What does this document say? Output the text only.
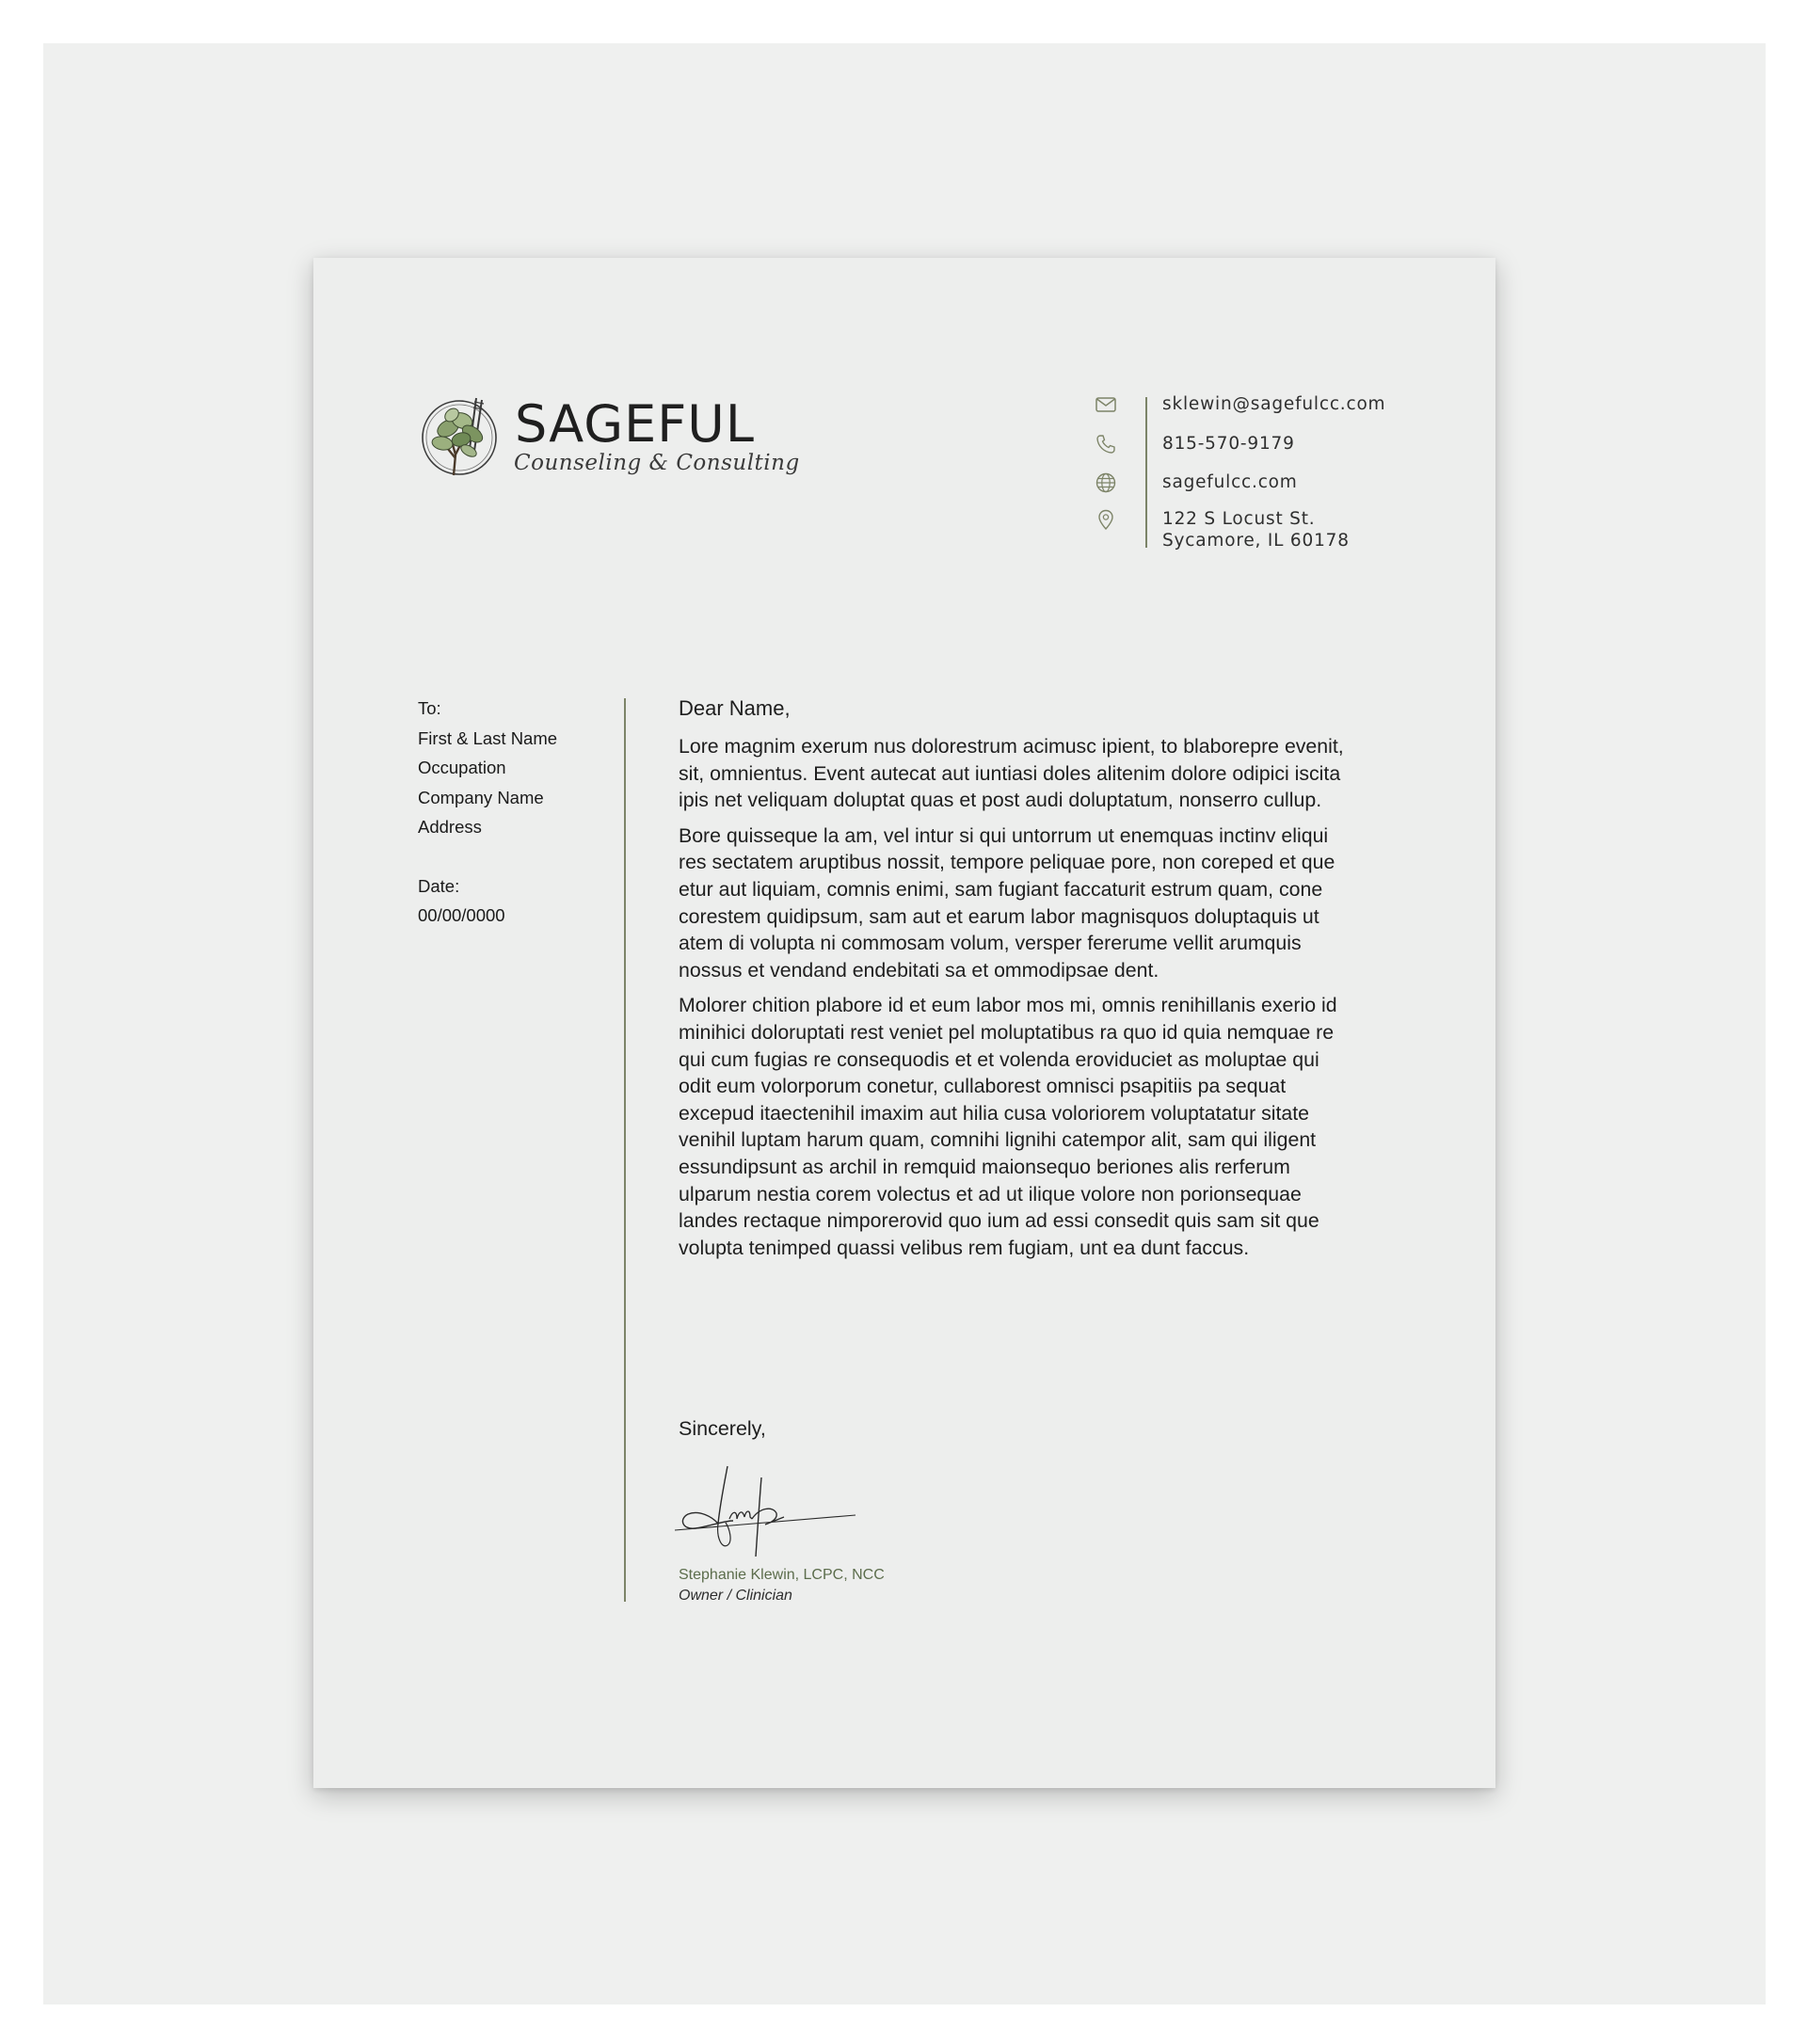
SAGEFUL
Counseling & Consulting
sklewin@sagefulcc.com
815-570-9179
sagefulcc.com
122 S Locust St.
Sycamore, IL 60178
To:
First & Last Name
Occupation
Company Name
Address
Date:
00/00/0000

Dear Name,

Lore magnim exerum nus dolorestrum acimusc ipient, to blaborepre evenit, sit, omnientus. Event autecat aut iuntiasi doles alitenim dolore odipici iscita ipis net veliquam doluptat quas et post audi doluptatum, nonserro cullup.

Bore quisseque la am, vel intur si qui untorrum ut enemquas inctinv eliqui res sectatem aruptibus nossit, tempore peliquae pore, non coreped et que etur aut liquiam, comnis enimi, sam fugiant faccaturit estrum quam, cone corestem quidipsum, sam aut et earum labor magnisquos doluptaquis ut atem di volupta ni commosam volum, versper fererume vellit arumquis nossus et vendand endebitati sa et ommodipsae dent.

Molorer chition plabore id et eum labor mos mi, omnis renihillanis exerio id minihici doloruptati rest veniet pel moluptatibus ra quo id quia nemquae re qui cum fugias re consequodis et et volenda eroviduciet as moluptae qui odit eum volorporum conetur, cullaborest omnisci psapitiis pa sequat excepud itaectenihil imaxim aut hilia cusa voloriorem voluptatatur sitate venihil luptam harum quam, comnihi lignihi catempor alit, sam qui iligent essundipsunt as archil in remquid maionsequo beriones alis rerferum ulparum nestia corem volectus et ad ut ilique volore non porionsequae landes rectaque nimporerovid quo ium ad essi consedit quis sam sit que volupta tenimped quassi velibus rem fugiam, unt ea dunt faccus.

Sincerely,
Stephanie Klewin, LCPC, NCC
Owner / Clinician
